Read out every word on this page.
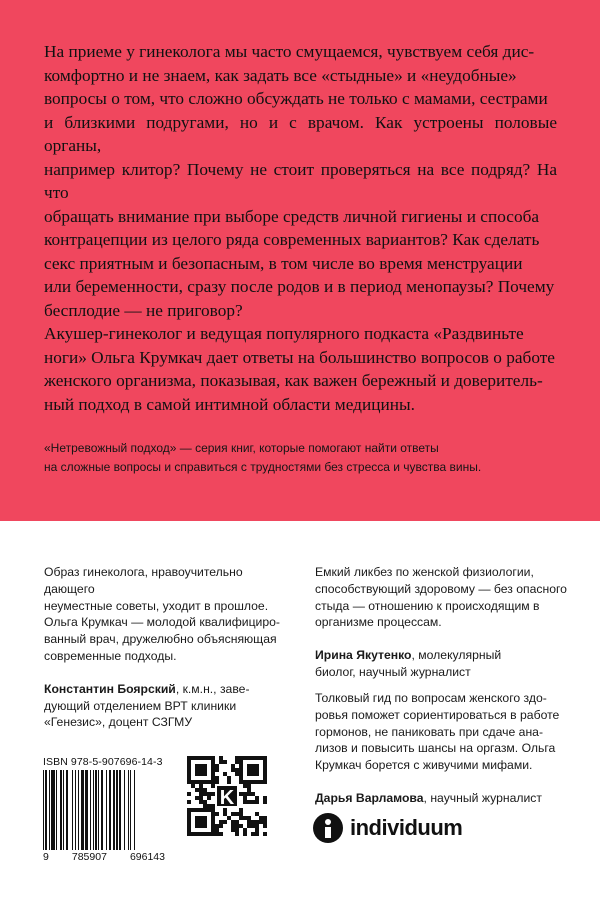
На приеме у гинеколога мы часто смущаемся, чувствуем себя дис-

комфортно и не знаем, как задать все «стыдные» и «неудобные»

вопросы о том, что сложно обсуждать не только с мамами, сестрами

и близкими подругами, но и с врачом. Как устроены половые органы,

например клитор? Почему не стоит проверяться на все подряд? На что

обращать внимание при выборе средств личной гигиены и способа

контрацепции из целого ряда современных вариантов? Как сделать

секс приятным и безопасным, в том числе во время менструации

или беременности, сразу после родов и в период менопаузы? Почему

бесплодие — не приговор?

Акушер-гинеколог и ведущая популярного подкаста «Раздвиньте

ноги» Ольга Крумкач дает ответы на большинство вопросов о работе

женского организма, показывая, как важен бережный и доверитель-

ный подход в самой интимной области медицины.

«Нетревожный подход» — серия книг, которые помогают найти ответы
на сложные вопросы и справиться с трудностями без стресса и чувства вины.

Образ гинеколога, нравоучительно дающего

неуместные советы, уходит в прошлое.

Ольга Крумкач — молодой квалифициро-

ванный врач, дружелюбно объясняющая

современные подходы.

Константин Боярский, к.м.н., заве-

дующий отделением ВРТ клиники

«Генезис», доцент СЗГМУ

Емкий ликбез по женской физиологии,

способствующий здоровому — без опасного

стыда — отношению к происходящим в

организме процессам.

Ирина Якутенко, молекулярный

биолог, научный журналист

Толковый гид по вопросам женского здо-

ровья поможет сориентироваться в работе

гормонов, не паниковать при сдаче ана-

лизов и повысить шансы на оргазм. Ольга

Крумкач борется с живучими мифами.

Дарья Варламова, научный журналист

ISBN 978-5-907696-14-3
9 785907 696143
K
individuum
